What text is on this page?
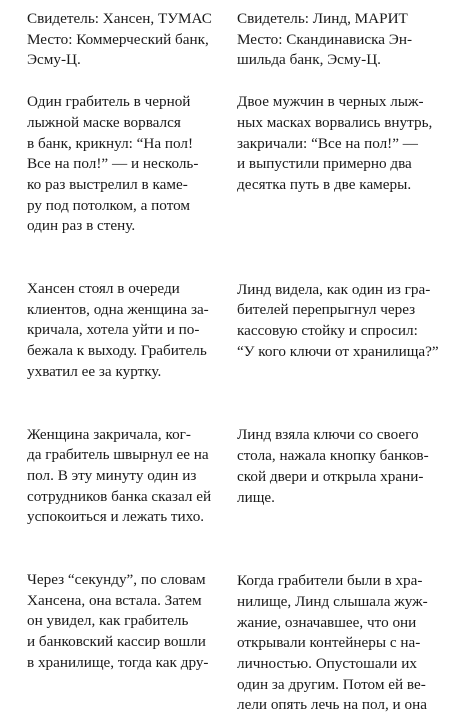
Свидетель: Хансен, ТУМАС
Место: Коммерческий банк,
Эсму-Ц.

Один грабитель в черной
лыжной маске ворвался
в банк, крикнул: “На пол!
Все на пол!” — и несколь-
ко раз выстрелил в каме-
ру под потолком, а потом
один раз в стену.

Хансен стоял в очереди
клиентов, одна женщина за-
кричала, хотела уйти и по-
бежала к выходу. Грабитель
ухватил ее за куртку.

Женщина закричала, ког-
да грабитель швырнул ее на
пол. В эту минуту один из
сотрудников банка сказал ей
успокоиться и лежать тихо.

Через “секунду”, по словам
Хансена, она встала. Затем
он увидел, как грабитель
и банковский кассир вошли
в хранилище, тогда как дру-

Свидетель: Линд, МАРИТ
Место: Скандинависка Эн-
шильда банк, Эсму-Ц.

Двое мужчин в черных лыж-
ных масках ворвались внутрь,
закричали: “Все на пол!” —
и выпустили примерно два
десятка путь в две камеры.

Линд видела, как один из гра-
бителей перепрыгнул через
кассовую стойку и спросил:
“У кого ключи от хранилища?”

Линд взяла ключи со своего
стола, нажала кнопку банков-
ской двери и открыла храни-
лище.

Когда грабители были в хра-
нилище, Линд слышала жуж-
жание, означавшее, что они
открывали контейнеры с на-
личностью. Опустошали их
один за другим. Потом ей ве-
лели опять лечь на пол, и она
